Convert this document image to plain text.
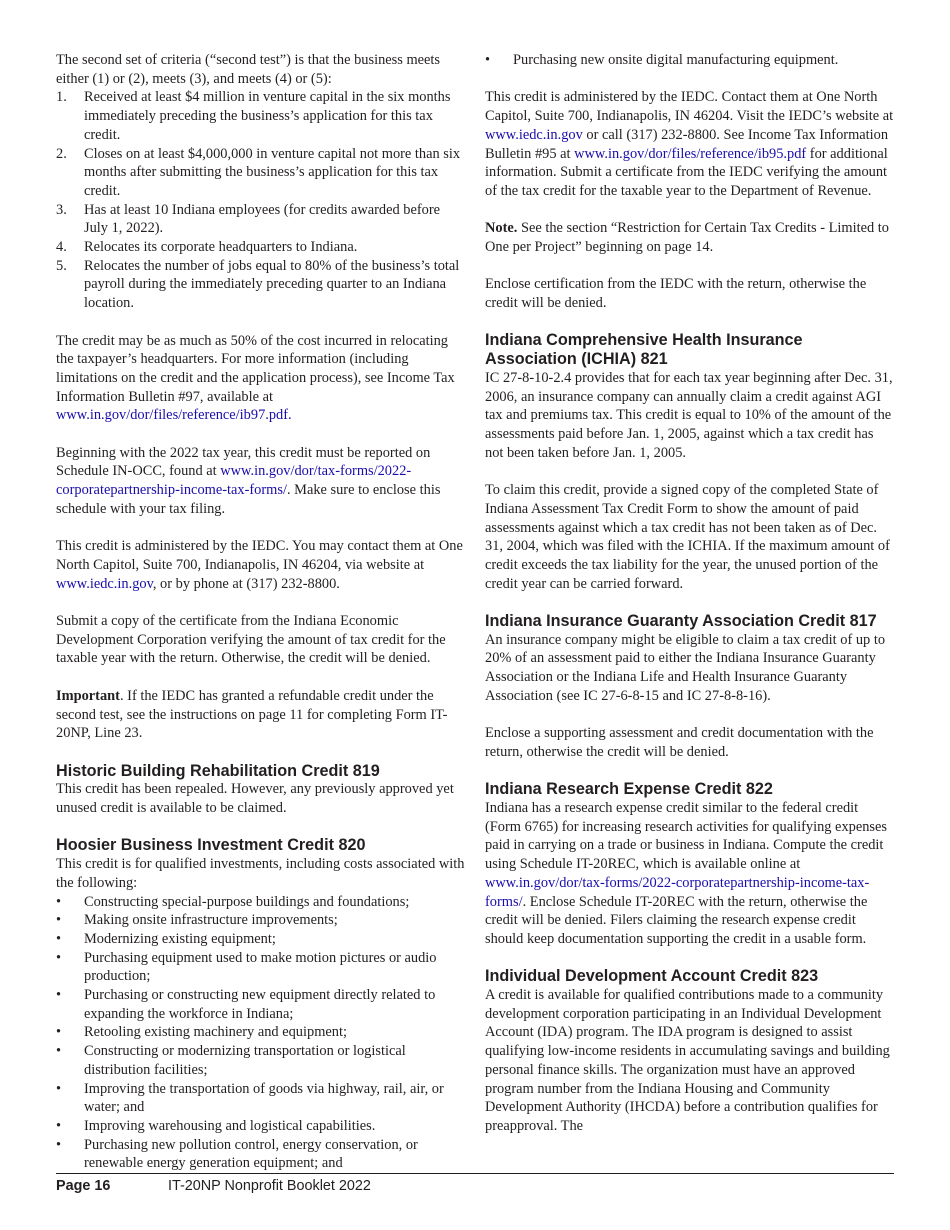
The second set of criteria (“second test”) is that the business meets either (1) or (2), meets (3), and meets (4) or (5):

1. Received at least $4 million in venture capital in the six months immediately preceding the business’s application for this tax credit.
2. Closes on at least $4,000,000 in venture capital not more than six months after submitting the business’s application for this tax credit.
3. Has at least 10 Indiana employees (for credits awarded before July 1, 2022).
4. Relocates its corporate headquarters to Indiana.
5. Relocates the number of jobs equal to 80% of the business’s total payroll during the immediately preceding quarter to an Indiana location.

The credit may be as much as 50% of the cost incurred in relocating the taxpayer’s headquarters. For more information (including limitations on the credit and the application process), see Income Tax Information Bulletin #97, available at www.in.gov/dor/files/reference/ib97.pdf.

Beginning with the 2022 tax year, this credit must be reported on Schedule IN-OCC, found at www.in.gov/dor/tax-forms/2022-corporatepartnership-income-tax-forms/. Make sure to enclose this schedule with your tax filing.

This credit is administered by the IEDC. You may contact them at One North Capitol, Suite 700, Indianapolis, IN 46204, via website at www.iedc.in.gov, or by phone at (317) 232-8800.

Submit a copy of the certificate from the Indiana Economic Development Corporation verifying the amount of tax credit for the taxable year with the return. Otherwise, the credit will be denied.

Important. If the IEDC has granted a refundable credit under the second test, see the instructions on page 11 for completing Form IT-20NP, Line 23.

Historic Building Rehabilitation Credit 819

This credit has been repealed. However, any previously approved yet unused credit is available to be claimed.

Hoosier Business Investment Credit 820

This credit is for qualified investments, including costs associated with the following:

• Constructing special-purpose buildings and foundations;
• Making onsite infrastructure improvements;
• Modernizing existing equipment;
• Purchasing equipment used to make motion pictures or audio production;
• Purchasing or constructing new equipment directly related to expanding the workforce in Indiana;
• Retooling existing machinery and equipment;
• Constructing or modernizing transportation or logistical distribution facilities;
• Improving the transportation of goods via highway, rail, air, or water; and
• Improving warehousing and logistical capabilities.
• Purchasing new pollution control, energy conservation, or renewable energy generation equipment; and
• Purchasing new onsite digital manufacturing equipment.

This credit is administered by the IEDC. Contact them at One North Capitol, Suite 700, Indianapolis, IN 46204. Visit the IEDC’s website at www.iedc.in.gov or call (317) 232-8800. See Income Tax Information Bulletin #95 at www.in.gov/dor/files/reference/ib95.pdf for additional information. Submit a certificate from the IEDC verifying the amount of the tax credit for the taxable year to the Department of Revenue.

Note. See the section “Restriction for Certain Tax Credits - Limited to One per Project” beginning on page 14.

Enclose certification from the IEDC with the return, otherwise the credit will be denied.

Indiana Comprehensive Health Insurance Association (ICHIA) 821

IC 27-8-10-2.4 provides that for each tax year beginning after Dec. 31, 2006, an insurance company can annually claim a credit against AGI tax and premiums tax. This credit is equal to 10% of the amount of the assessments paid before Jan. 1, 2005, against which a tax credit has not been taken before Jan. 1, 2005.

To claim this credit, provide a signed copy of the completed State of Indiana Assessment Tax Credit Form to show the amount of paid assessments against which a tax credit has not been taken as of Dec. 31, 2004, which was filed with the ICHIA. If the maximum amount of credit exceeds the tax liability for the year, the unused portion of the credit year can be carried forward.

Indiana Insurance Guaranty Association Credit 817

An insurance company might be eligible to claim a tax credit of up to 20% of an assessment paid to either the Indiana Insurance Guaranty Association or the Indiana Life and Health Insurance Guaranty Association (see IC 27-6-8-15 and IC 27-8-8-16).

Enclose a supporting assessment and credit documentation with the return, otherwise the credit will be denied.

Indiana Research Expense Credit 822

Indiana has a research expense credit similar to the federal credit (Form 6765) for increasing research activities for qualifying expenses paid in carrying on a trade or business in Indiana. Compute the credit using Schedule IT-20REC, which is available online at www.in.gov/dor/tax-forms/2022-corporatepartnership-income-tax-forms/. Enclose Schedule IT-20REC with the return, otherwise the credit will be denied. Filers claiming the research expense credit should keep documentation supporting the credit in a usable form.

Individual Development Account Credit 823

A credit is available for qualified contributions made to a community development corporation participating in an Individual Development Account (IDA) program. The IDA program is designed to assist qualifying low-income residents in accumulating savings and building personal finance skills. The organization must have an approved program number from the Indiana Housing and Community Development Authority (IHCDA) before a contribution qualifies for preapproval. The

Page 16	IT-20NP Nonprofit Booklet 2022
